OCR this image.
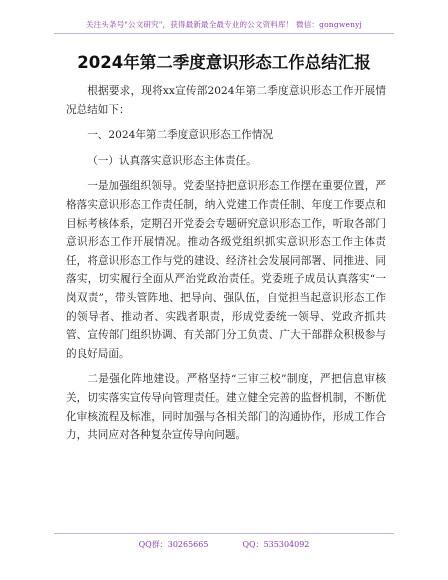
关注头条号"公文研究"，获得最新最全最专业的公文资料库！ 微信：gongwenyj
2024年第二季度意识形态工作总结汇报

根据要求，现将xx宣传部2024年第二季度意识形态工作开展情况总结如下：

一、2024年第二季度意识形态工作情况

（一）认真落实意识形态主体责任。

一是加强组织领导。党委坚持把意识形态工作摆在重要位置，严格落实意识形态工作责任制，纳入党建工作责任制、年度工作要点和目标考核体系，定期召开党委会专题研究意识形态工作，听取各部门意识形态工作开展情况。推动各级党组织抓实意识形态工作主体责任，将意识形态工作与党的建设、经济社会发展同部署、同推进、同落实，切实履行全面从严治党政治责任。党委班子成员认真落实“一岗双责”，带头管阵地、把导向、强队伍，自觉担当起意识形态工作的领导者、推动者、实践者职责，形成党委统一领导、党政齐抓共管、宣传部门组织协调、有关部门分工负责、广大干部群众积极参与的良好局面。

二是强化阵地建设。严格坚持“三审三校”制度，严把信息审核关，切实落实宣传导向管理责任。建立健全完善的监督机制，不断优化审核流程及标准，同时加强与各相关部门的沟通协作，形成工作合力，共同应对各种复杂宣传导向问题。

QQ群：30265665	QQ：535304092
